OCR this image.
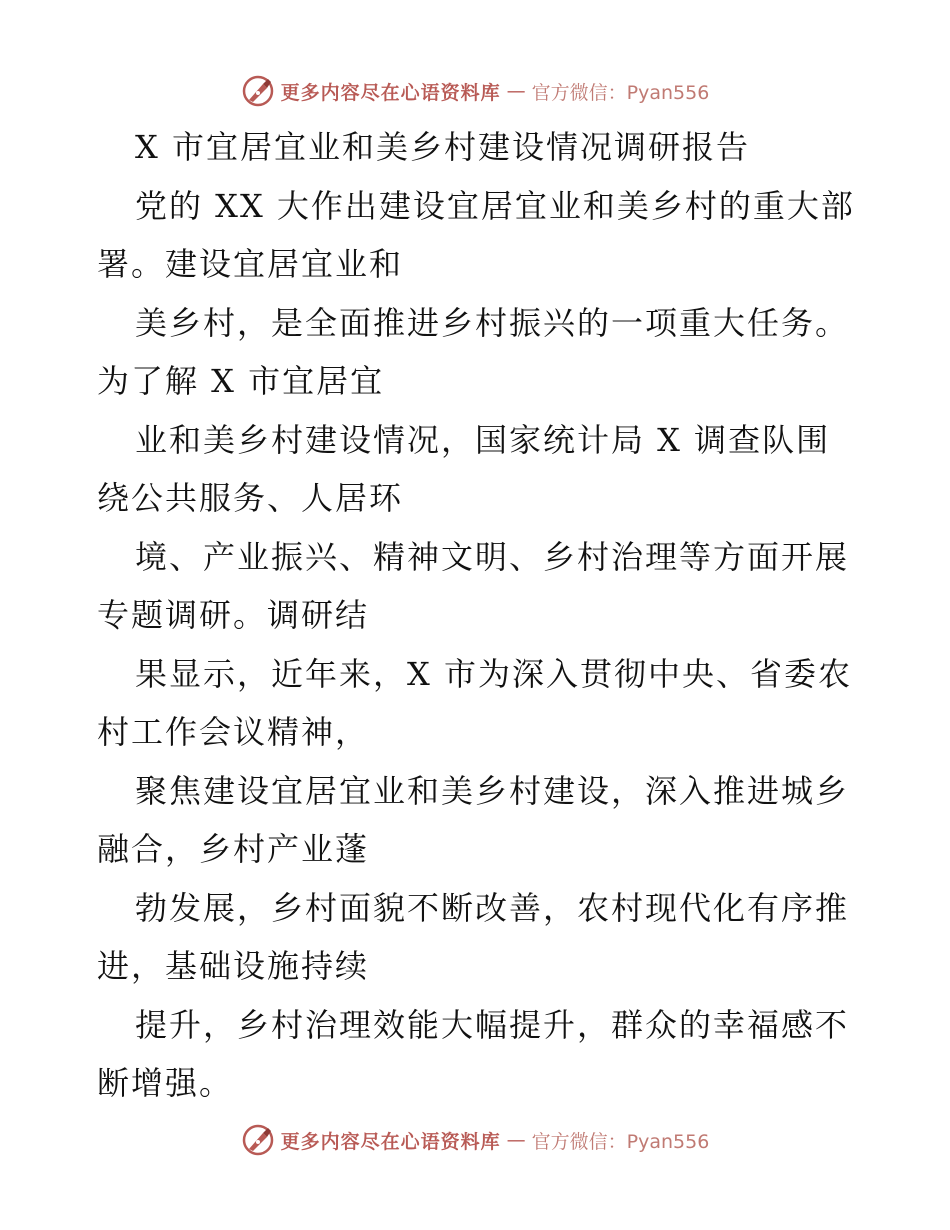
更多内容尽在心语资料库 — 官方微信：Pyan556
X 市宜居宜业和美乡村建设情况调研报告
党的 XX 大作出建设宜居宜业和美乡村的重大部
署。建设宜居宜业和
美乡村，是全面推进乡村振兴的一项重大任务。
为了解 X 市宜居宜
业和美乡村建设情况，国家统计局 X 调查队围
绕公共服务、人居环
境、产业振兴、精神文明、乡村治理等方面开展
专题调研。调研结
果显示，近年来，X 市为深入贯彻中央、省委农
村工作会议精神，
聚焦建设宜居宜业和美乡村建设，深入推进城乡
融合，乡村产业蓬
勃发展，乡村面貌不断改善，农村现代化有序推
进，基础设施持续
提升，乡村治理效能大幅提升，群众的幸福感不
断增强。
更多内容尽在心语资料库 — 官方微信：Pyan556
